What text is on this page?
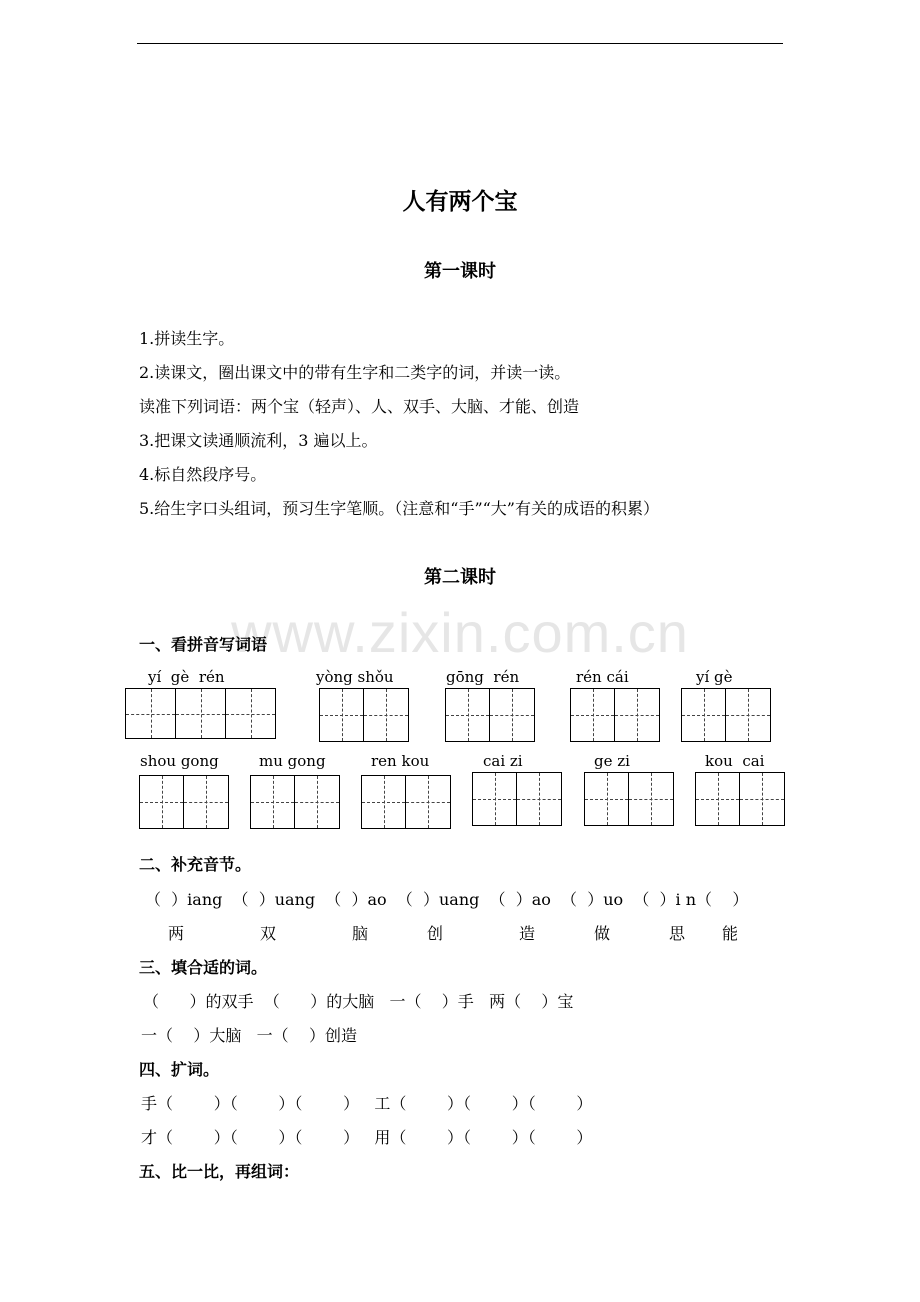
www.zixin.com.cn
人有两个宝
第一课时
1.拼读生字。
2.读课文，圈出课文中的带有生字和二类字的词，并读一读。
读准下列词语：两个宝（轻声）、人、双手、大脑、才能、创造
3.把课文读通顺流利，3 遍以上。
4.标自然段序号。
5.给生字口头组词，预习生字笔顺。（注意和“手”“大”有关的成语的积累）
第二课时
一、看拼音写词语
yí  gè  rén	yòng shǒu	gōng  rén	rén cái	yí gè
shou gong	mu gong	ren kou	cai zi	ge zi	kou  cai
二、补充音节。
（  ）iang  （  ）uang  （  ）ao  （  ）uang  （  ）ao  （  ）uo  （  ）i n（    ）
两	双	脑	创	造	做	思 能
三、填合适的词。
（      ）的双手  （      ）的大脑   一（    ）手   两（    ）宝
一（    ）大脑   一（    ）创造
四、扩词。
手（        ）（        ）（        ）   工（        ）（        ）（        ）
才（        ）（        ）（        ）   用（        ）（        ）（        ）
五、比一比，再组词：
